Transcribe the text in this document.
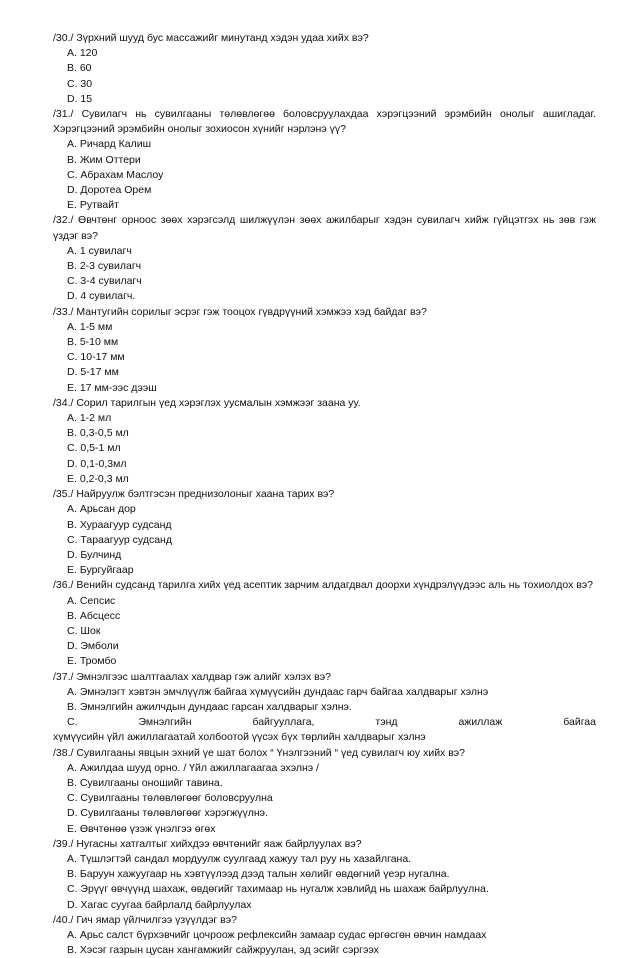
/30./ Зүрхний шууд бус массажийг минутанд хэдэн удаа хийх вэ?
А. 120
В. 60
С. 30
D. 15
/31./ Сувилагч нь сувилгааны төлөвлөгөө боловсруулахдаа хэрэгцээний эрэмбийн онолыг ашигладаг. Хэрэгцээний эрэмбийн онолыг зохиосон хүнийг нэрлэнэ үү?
А. Ричард Калиш
В. Жим Оттери
С. Абрахам Маслоу
D. Доротеа Орем
Е. Рутвайт
/32./ Өвчтөнг орноос зөөх хэрэгсэлд шилжүүлэн зөөх ажилбарыг хэдэн сувилагч хийж гүйцэтгэх нь зөв гэж үздэг вэ?
А. 1 сувилагч
В. 2-3 сувилагч
С. 3-4 сувилагч
D. 4 сувилагч.
/33./ Мантугийн сорилыг эсрэг гэж тооцох гүвдрүүний хэмжээ хэд байдаг вэ?
А. 1-5 мм
В. 5-10 мм
С. 10-17 мм
D. 5-17 мм
Е. 17 мм-ээс дээш
/34./ Сорил тарилгын үед хэрэглэх уусмалын хэмжээг заана уу.
А. 1-2 мл
В. 0,3-0,5 мл
С. 0,5-1 мл
D. 0,1-0,3мл
Е. 0,2-0,3 мл
/35./ Найруулж бэлтгэсэн преднизолоныг хаана тарих вэ?
А. Арьсан дор
В. Хураагуур судсанд
С. Тараагуур судсанд
D. Булчинд
Е. Бургуйгаар
/36./ Венийн судсанд тарилга хийх үед асептик зарчим алдагдвал доорхи хүндрэлүүдээс аль нь тохиолдох вэ?
А. Сепсис
В. Абсцесс
С. Шок
D. Эмболи
Е. Тромбо
/37./ Эмнэлгээс шалтгаалах халдвар гэж алийг хэлэх вэ?
А. Эмнэлэгт хэвтэн эмчлүүлж байгаа хүмүүсийн дундаас гарч байгаа халдварыг хэлнэ
В. Эмнэлгийн ажилчдын дундаас гарсан халдварыг хэлнэ.
С. Эмнэлгийн байгууллага, тэнд ажиллаж байгаа
хүмүүсийн үйл ажиллагаатай холбоотой үүсэх бүх төрлийн халдварыг хэлнэ
/38./ Сувилгааны явцын эхний үе шат болох “ Үнэлгээний “ үед сувилагч юу хийх вэ?
А. Ажилдаа шууд орно. / Үйл ажиллагаагаа эхэлнэ /
В. Сувилгааны оношийг тавина.
С. Сувилгааны төлөвлөгөөг боловсруулна
D. Сувилгааны төлөвлөгөөг хэрэгжүүлнэ.
Е. Өвчтөнөө үзэж үнэлгээ өгөх
/39./ Нугасны хатгалтыг хийхдээ өвчтөнийг яаж байрлуулах вэ?
А. Түшлэгтэй сандал мордуулж суулгаад хажуу тал руу нь хазайлгана.
В. Баруун хажуугаар нь хэвтүүлээд дээд талын хөлийг өвдөгний үеэр нугална.
С. Эрүүг өвчүүнд шахаж, өвдөгийг тахимаар нь нугалж хэвлийд нь шахаж байрлуулна.
D. Хагас суугаа байрлалд байрлуулах
/40./ Гич ямар үйлчилгээ үзүүлдэг вэ?
А. Арьс салст бүрхэвчийг цочроож рефлексийн замаар судас өргөсгөн өвчин намдаах
В. Хэсэг газрын цусан хангамжийг сайжруулан, эд эсийг сэргээх
